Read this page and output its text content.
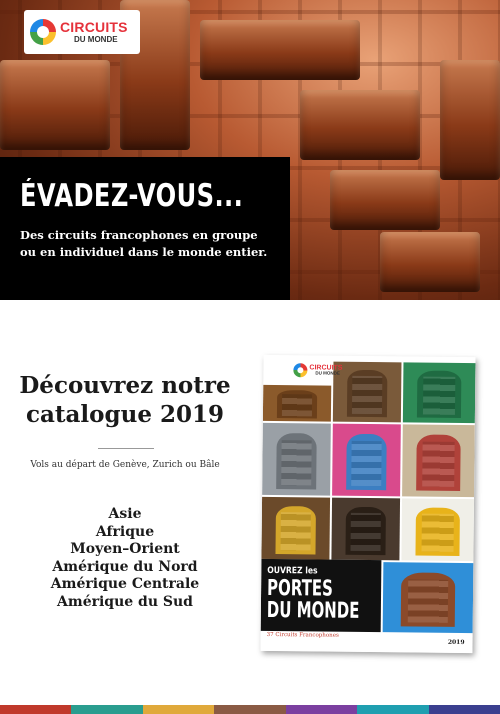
CIRCUITS
DU MONDE
ÉVADEZ-VOUS...
Des circuits francophones en groupe
ou en individuel dans le monde entier.
Découvrez notre
catalogue 2019

Vols au départ de Genève, Zurich ou Bâle

Asie
Afrique
Moyen–Orient
Amérique du Nord
Amérique Centrale
Amérique du Sud
CIRCUITS
DU MONDE
OUVREZ les
PORTES
DU MONDE
37 Circuits Francophones
2019
